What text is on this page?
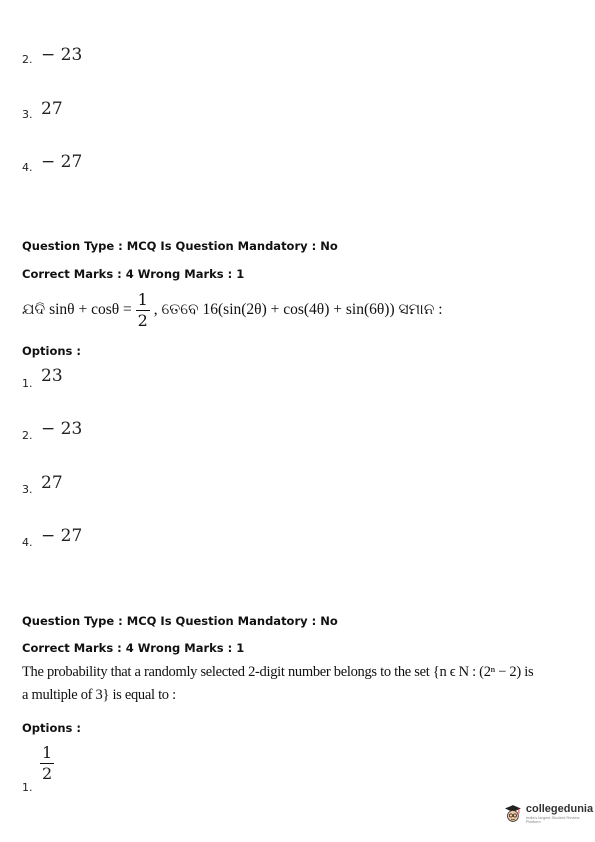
2. − 23
3. 27
4. − 27
Question Type : MCQ Is Question Mandatory : No
Correct Marks : 4 Wrong Marks : 1
ଯଦି $\sin\theta + \cos\theta = \frac{1}{2}$ , ତେବେ 16(sin(2θ) + cos(4θ) + sin(6θ)) ସମାନ :
Options :
1. 23
2. − 23
3. 27
4. − 27
Question Type : MCQ Is Question Mandatory : No
Correct Marks : 4 Wrong Marks : 1
The probability that a randomly selected 2-digit number belongs to the set {n ϵ N : (2ⁿ − 2) is
a multiple of 3} is equal to :
Options :
1.
$\frac{1}{2}$
collegedunia
India's largest Student Review Platform
